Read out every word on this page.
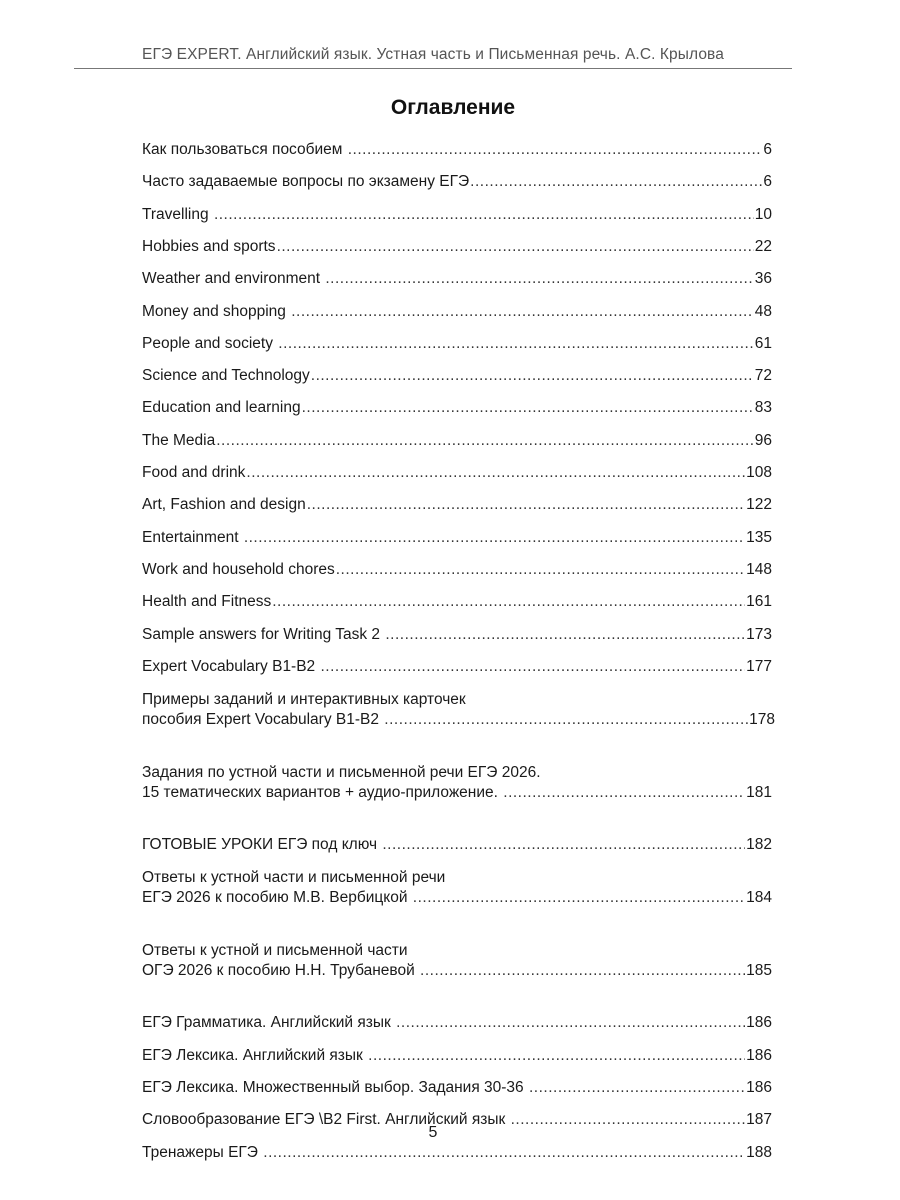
ЕГЭ EXPERT. Английский язык. Устная часть и Письменная речь. А.С. Крылова
Оглавление
Как пользоваться пособием .....	6
Часто задаваемые вопросы по экзамену ЕГЭ .....	6
Travelling .....	10
Hobbies and sports .....	22
Weather and environment .....	36
Money and shopping .....	48
People and society .....	61
Science and Technology .....	72
Education and learning .....	83
The Media .....	96
Food and drink .....	108
Art, Fashion and design .....	122
Entertainment .....	135
Work and household chores .....	148
Health and Fitness .....	161
Sample answers for Writing Task 2 .....	173
Expert Vocabulary B1-B2 .....	177
Примеры заданий и интерактивных карточек
пособия Expert Vocabulary B1-B2 .....	178
Задания по устной части и письменной речи ЕГЭ 2026.
15 тематических вариантов + аудио-приложение. .....	181
ГОТОВЫЕ УРОКИ ЕГЭ под ключ .....	182
Ответы к устной части и письменной речи
ЕГЭ 2026 к пособию М.В. Вербицкой .....	184
Ответы к устной и письменной части
ОГЭ 2026 к пособию Н.Н. Трубаневой .....	185
ЕГЭ Грамматика. Английский язык .....	186
ЕГЭ Лексика. Английский язык .....	186
ЕГЭ Лексика. Множественный выбор. Задания 30-36 .....	186
Словообразование ЕГЭ \B2 First. Английский язык .....	187
Тренажеры ЕГЭ .....	188
5
